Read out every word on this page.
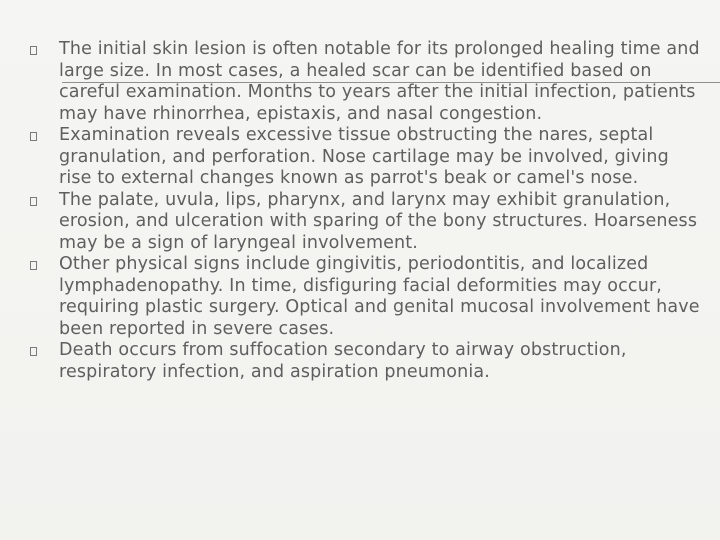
The initial skin lesion is often notable for its prolonged healing time and large size. In most cases, a healed scar can be identified based on careful examination. Months to years after the initial infection, patients may have rhinorrhea, epistaxis, and nasal congestion.
Examination reveals excessive tissue obstructing the nares, septal granulation, and perforation. Nose cartilage may be involved, giving rise to external changes known as parrot's beak or camel's nose.
The palate, uvula, lips, pharynx, and larynx may exhibit granulation, erosion, and ulceration with sparing of the bony structures. Hoarseness may be a sign of laryngeal involvement.
Other physical signs include gingivitis, periodontitis, and localized lymphadenopathy. In time, disfiguring facial deformities may occur, requiring plastic surgery. Optical and genital mucosal involvement have been reported in severe cases.
Death occurs from suffocation secondary to airway obstruction, respiratory infection, and aspiration pneumonia.
